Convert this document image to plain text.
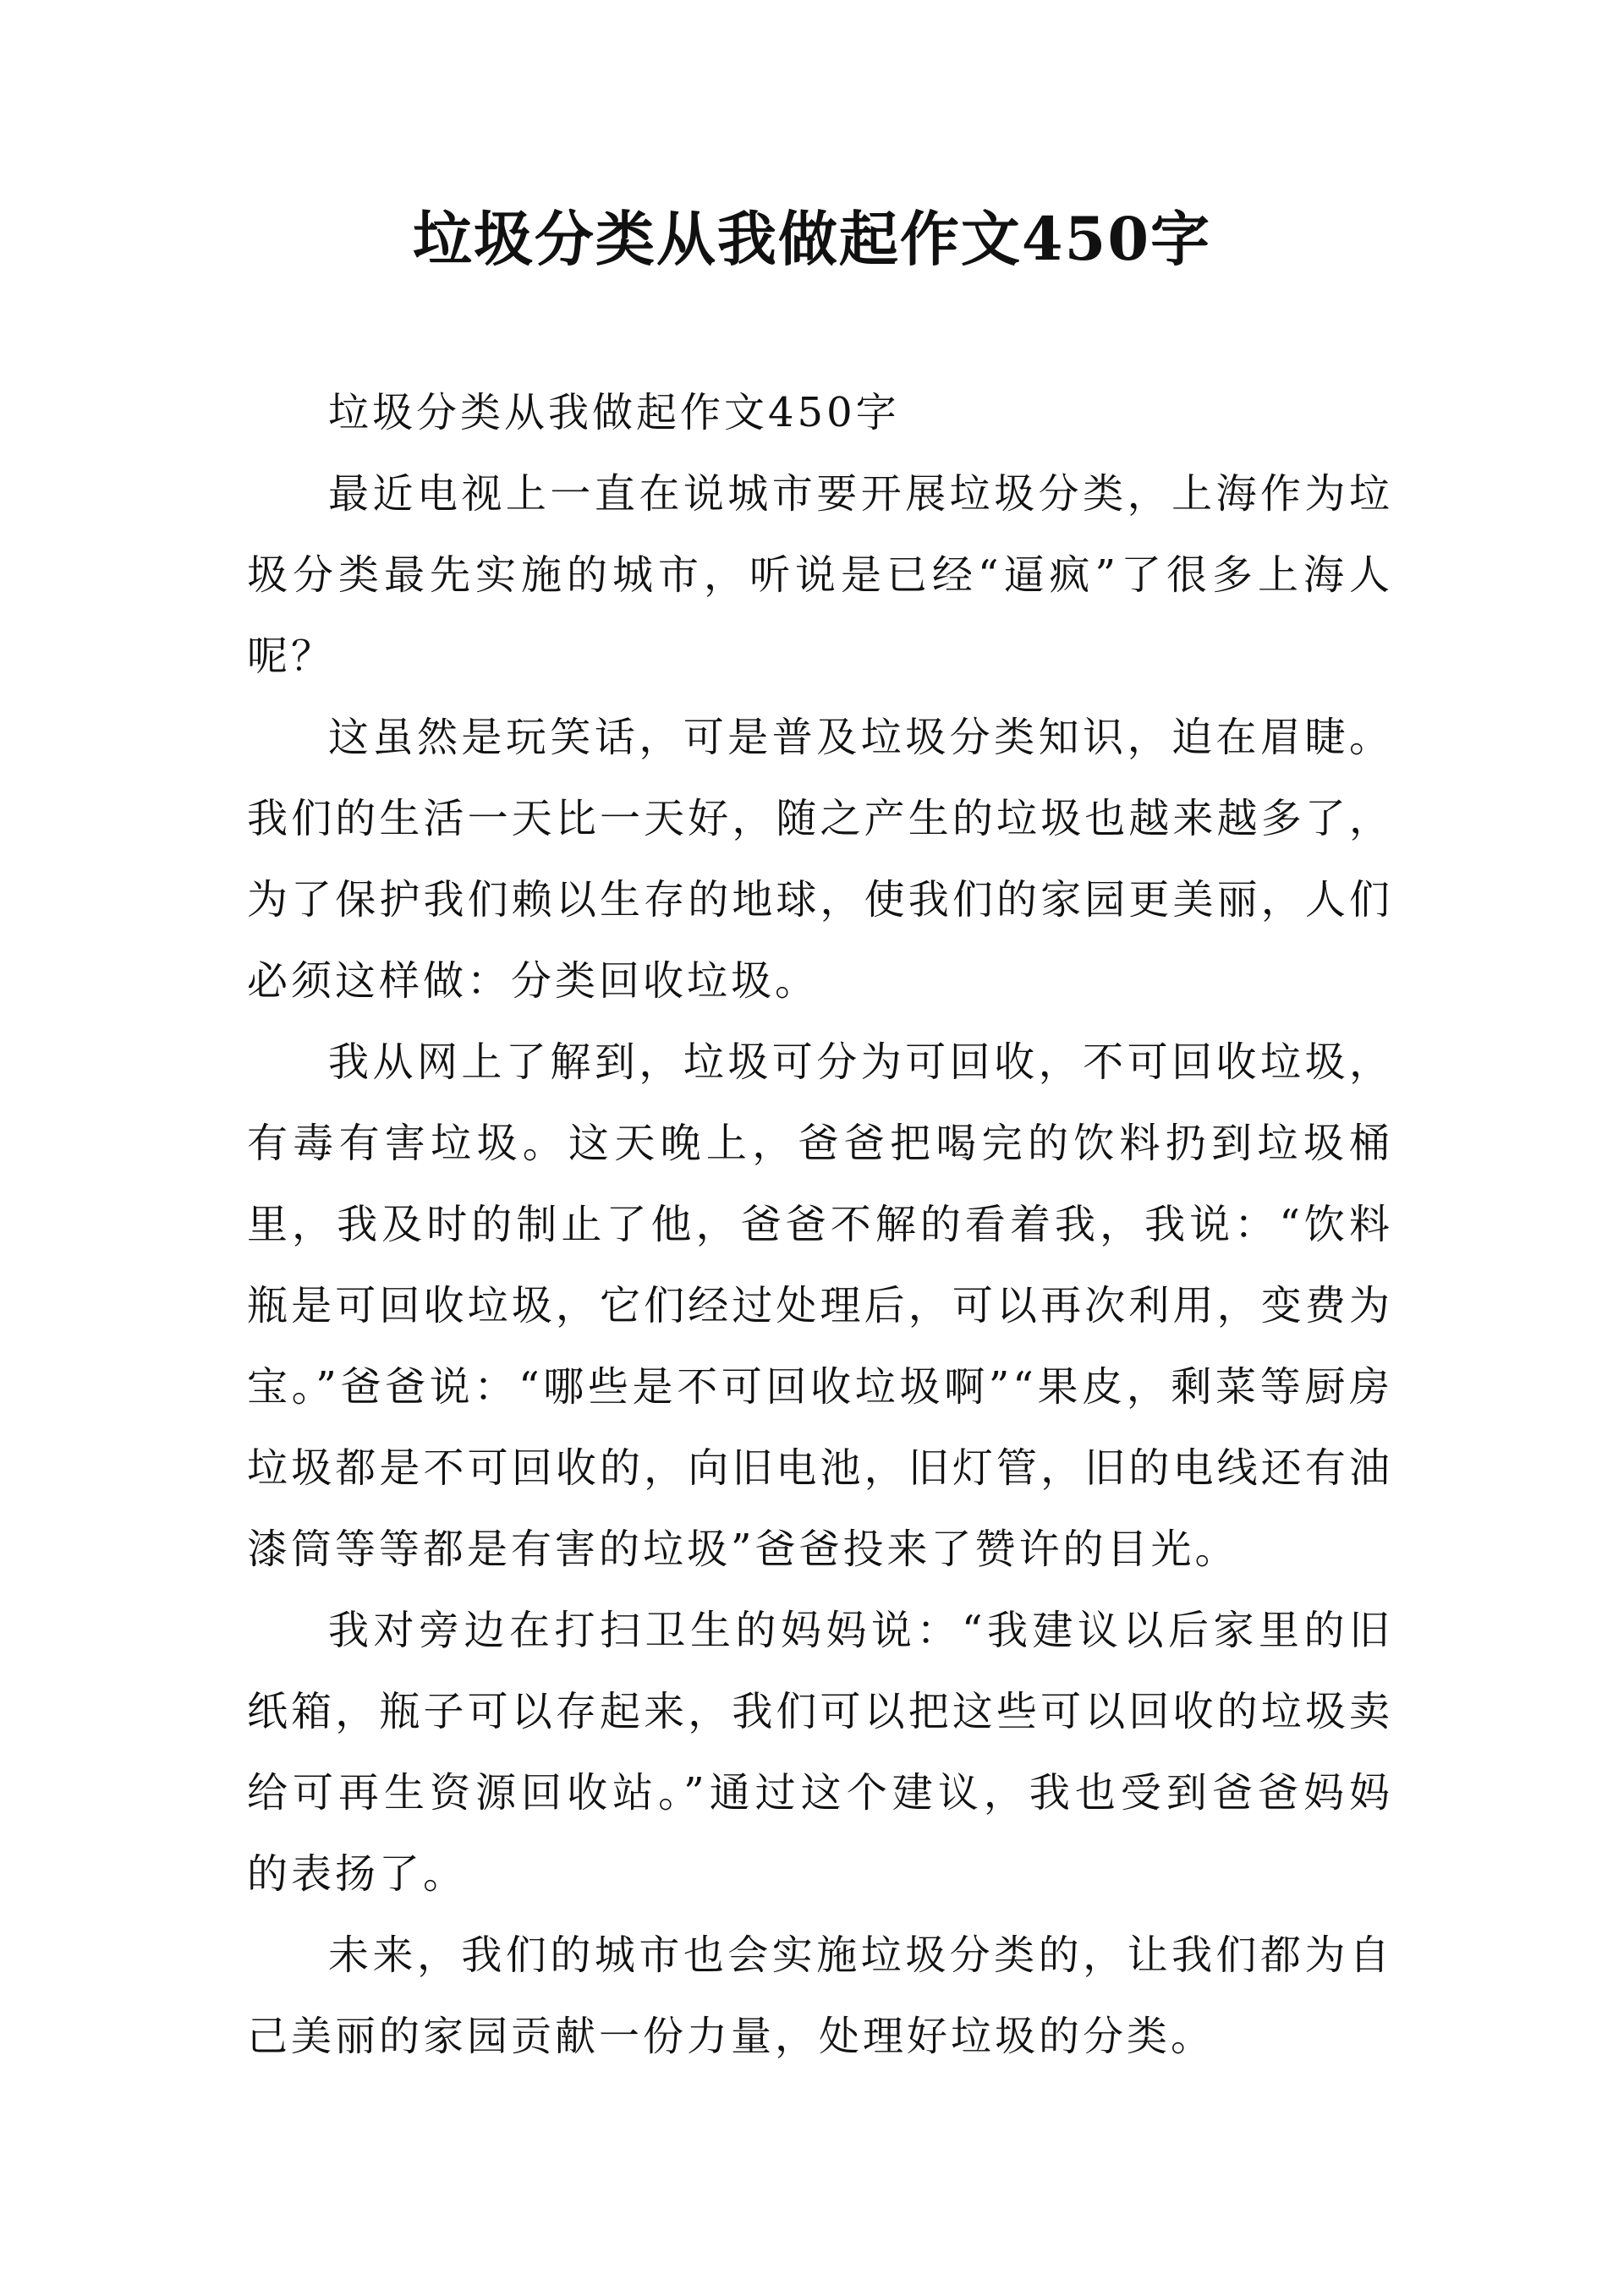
垃圾分类从我做起作文450字

垃圾分类从我做起作文450字

最近电视上一直在说城市要开展垃圾分类，上海作为垃圾分类最先实施的城市，听说是已经“逼疯”了很多上海人呢？

这虽然是玩笑话，可是普及垃圾分类知识，迫在眉睫。我们的生活一天比一天好，随之产生的垃圾也越来越多了，为了保护我们赖以生存的地球，使我们的家园更美丽，人们必须这样做：分类回收垃圾。

我从网上了解到，垃圾可分为可回收，不可回收垃圾，有毒有害垃圾。这天晚上，爸爸把喝完的饮料扔到垃圾桶里，我及时的制止了他，爸爸不解的看着我，我说：“饮料瓶是可回收垃圾，它们经过处理后，可以再次利用，变费为宝。”爸爸说：“哪些是不可回收垃圾啊”“果皮，剩菜等厨房垃圾都是不可回收的，向旧电池，旧灯管，旧的电线还有油漆筒等等都是有害的垃圾”爸爸投来了赞许的目光。

我对旁边在打扫卫生的妈妈说：“我建议以后家里的旧纸箱，瓶子可以存起来，我们可以把这些可以回收的垃圾卖给可再生资源回收站。”通过这个建议，我也受到爸爸妈妈的表扬了。

未来，我们的城市也会实施垃圾分类的，让我们都为自己美丽的家园贡献一份力量，处理好垃圾的分类。
